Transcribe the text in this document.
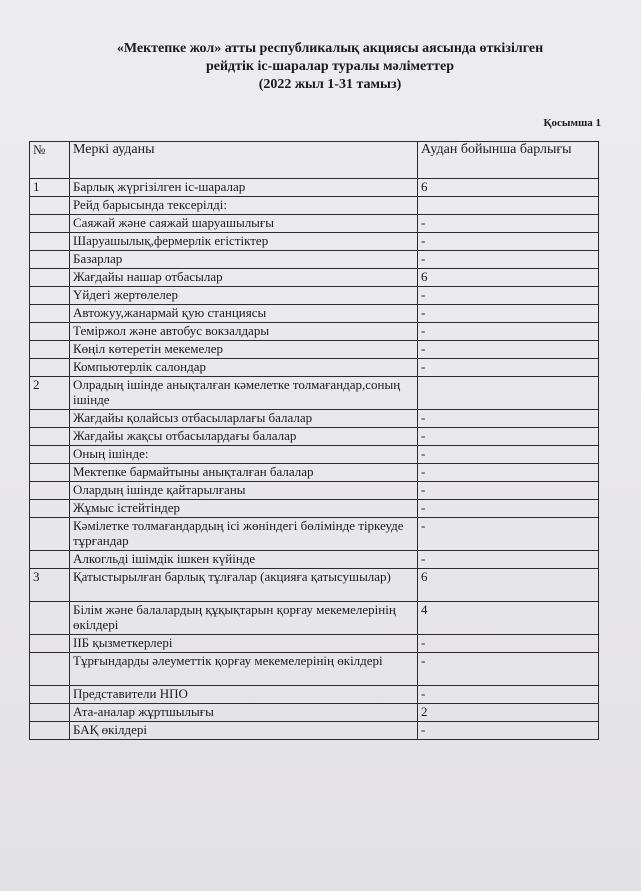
«Мектепке жол» атты республикалық акциясы аясында өткізілген
рейдтік іс-шаралар туралы мәліметтер
(2022 жыл 1-31 тамыз)
Қосымша 1
№	Меркі ауданы	Аудан бойынша барлығы
1	Барлық жүргізілген іс-шаралар	6
	Рейд барысында тексерілді:	
	Саяжай және саяжай шаруашылығы	-
	Шаруашылық,фермерлік егістіктер	-
	Базарлар	-
	Жағдайы нашар отбасылар	6
	Үйдегі жертөлелер	-
	Автожуу,жанармай қую станциясы	-
	Теміржол және автобус вокзалдары	-
	Көңіл көтеретін мекемелер	-
	Компьютерлік салондар	-
2	Олрадың ішінде анықталған кәмелетке толмағандар,соның ішінде	
	Жағдайы қолайсыз отбасыларлағы балалар	-
	Жағдайы жақсы отбасылардағы балалар	-
	Оның ішінде:	-
	Мектепке бармайтыны анықталған балалар	-
	Олардың ішінде қайтарылғаны	-
	Жұмыс істейтіндер	-
	Кәмілетке толмағандардың ісі жөніндегі бөлімінде тіркеуде тұрғандар	-
	Алкогльді ішімдік ішкен күйінде	-
3	Қатыстырылған барлық тұлғалар (акцияға қатысушылар)	6
	Білім және балалардың құқықтарын қорғау мекемелерінің өкілдері	4
	ІІБ қызметкерлері	-
	Тұрғындарды әлеуметтік қорғау мекемелерінің өкілдері	-
	Представители НПО	-
	Ата-аналар жұртшылығы	2
	БАҚ өкілдері	-
